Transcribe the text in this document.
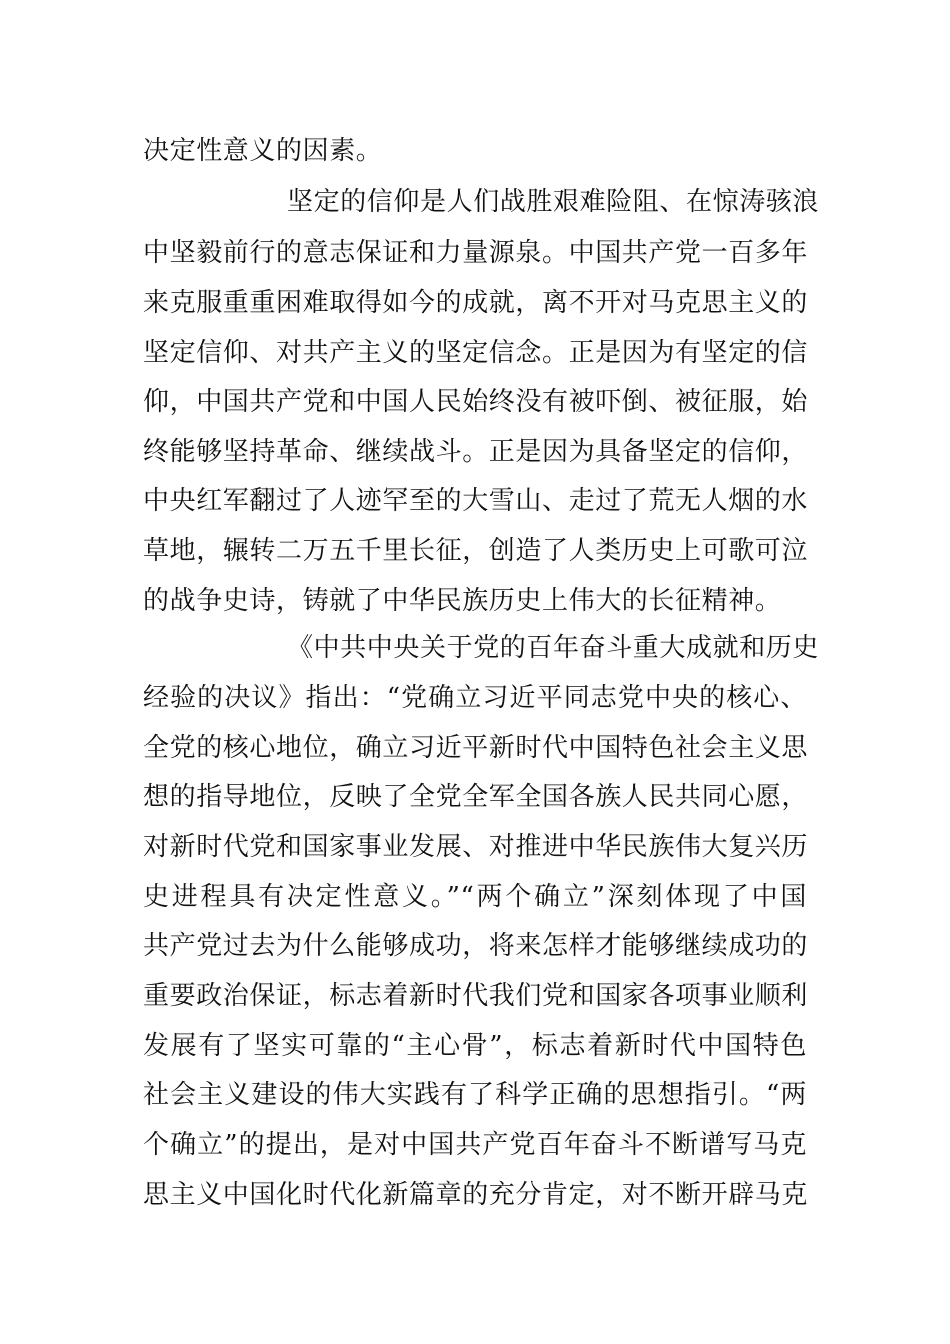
决定性意义的因素。
坚定的信仰是人们战胜艰难险阻、在惊涛骇浪
中坚毅前行的意志保证和力量源泉。中国共产党一百多年
来克服重重困难取得如今的成就，离不开对马克思主义的
坚定信仰、对共产主义的坚定信念。正是因为有坚定的信
仰，中国共产党和中国人民始终没有被吓倒、被征服，始
终能够坚持革命、继续战斗。正是因为具备坚定的信仰，
中央红军翻过了人迹罕至的大雪山、走过了荒无人烟的水
草地，辗转二万五千里长征，创造了人类历史上可歌可泣
的战争史诗，铸就了中华民族历史上伟大的长征精神。
《中共中央关于党的百年奋斗重大成就和历史
经验的决议》指出：“党确立习近平同志党中央的核心、
全党的核心地位，确立习近平新时代中国特色社会主义思
想的指导地位，反映了全党全军全国各族人民共同心愿，
对新时代党和国家事业发展、对推进中华民族伟大复兴历
史进程具有决定性意义。”“两个确立”深刻体现了中国
共产党过去为什么能够成功，将来怎样才能够继续成功的
重要政治保证，标志着新时代我们党和国家各项事业顺利
发展有了坚实可靠的“主心骨”，标志着新时代中国特色
社会主义建设的伟大实践有了科学正确的思想指引。“两
个确立”的提出，是对中国共产党百年奋斗不断谱写马克
思主义中国化时代化新篇章的充分肯定，对不断开辟马克
